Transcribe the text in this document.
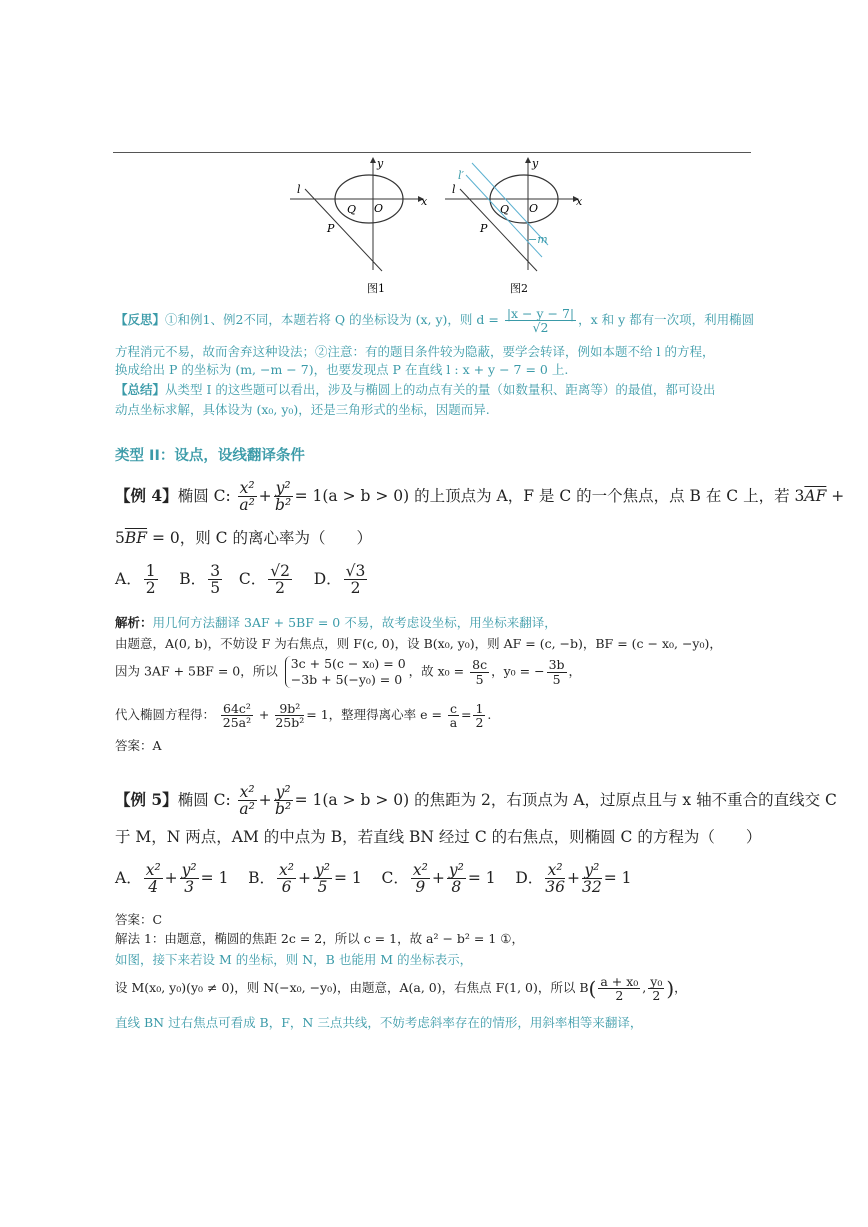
y
x
l
Q O
P
图1
y
x
l
l′
Q O
P
−m
图2
【反思】①和例1、例2不同，本题若将 Q 的坐标设为 (x, y)，则 $d = \frac{|x - y - 7|}{√2}$ ，x 和 y 都有一次项，利用椭圆
方程消元不易，故而舍弃这种设法；②注意：有的题目条件较为隐蔽，要学会转译，例如本题不给 l 的方程，
换成给出 P 的坐标为 (m, −m − 7)，也要发现点 P 在直线 l : x + y − 7 = 0 上.
【总结】从类型 I 的这些题可以看出，涉及与椭圆上的动点有关的量（如数量积、距离等）的最值，都可设出
动点坐标求解，具体设为 (x₀, y₀)，还是三角形式的坐标，因题而异.
类型 II：设点，设线翻译条件
【例 4】椭圆 C: $\frac{\text{x²}}{\text{a²}} + \frac{\text{y²}}{\text{b²}} = 1(a > b > 0)$ 的上顶点为 A，F 是 C 的一个焦点，点 B 在 C 上，若 $3\overline{AF}$ +
$5\overline{BF} = 0$，则 C 的离心率为（　　）
A． $\frac{1}{2}$ B． $\frac{3}{5}$ C． $\frac{√2}{2}$ D． $\frac{√3}{2}$
解析：用几何方法翻译 3AF + 5BF = 0 不易，故考虑设坐标，用坐标来翻译，
由题意，A(0, b)，不妨设 F 为右焦点，则 F(c, 0)，设 B(x₀, y₀)，则 AF = (c, −b)，BF = (c − x₀, −y₀)，
因为 3AF + 5BF = 0，所以 3c + 5(c − x₀) = 0
−3b + 5(−y₀) = 0
，故 $x_0 = \frac{8c}{5}$ ，y₀ = − $\frac{3b}{5}$ ，
代入椭圆方程得： $\frac{\text{64c²}}{\text{25a²}} + \frac{\text{9b²}}{\text{25b²}} = 1$，整理得离心率 $e = \frac{c}{a} = \frac{1}{2}$ .
答案：A
【例 5】椭圆 C: $\frac{\text{x²}}{\text{a²}} + \frac{\text{y²}}{\text{b²}} = 1(a > b > 0)$ 的焦距为 2，右顶点为 A，过原点且与 x 轴不重合的直线交 C
于 M，N 两点，AM 的中点为 B，若直线 BN 经过 C 的右焦点，则椭圆 C 的方程为（　　）
A． $\frac{\text{x²}}{4} + \frac{\text{y²}}{3} = 1$ B． $\frac{\text{x²}}{6} + \frac{\text{y²}}{5} = 1$ C． $\frac{\text{x²}}{9} + \frac{\text{y²}}{8} = 1$ D． $\frac{\text{x²}}{36} + \frac{\text{y²}}{32} = 1$
答案：C
解法 1：由题意，椭圆的焦距 2c = 2，所以 c = 1，故 a² − b² = 1 ①，
如图，接下来若设 M 的坐标，则 N，B 也能用 M 的坐标表示，
设 M(x₀, y₀)(y₀ ≠ 0)，则 N(−x₀, −y₀)，由题意，A(a, 0)，右焦点 F(1, 0)，所以 $B( \frac{\text{a + x₀}}{2}$ , $\frac{\text{y₀}}{2}$ )，
直线 BN 过右焦点可看成 B，F，N 三点共线，不妨考虑斜率存在的情形，用斜率相等来翻译，
